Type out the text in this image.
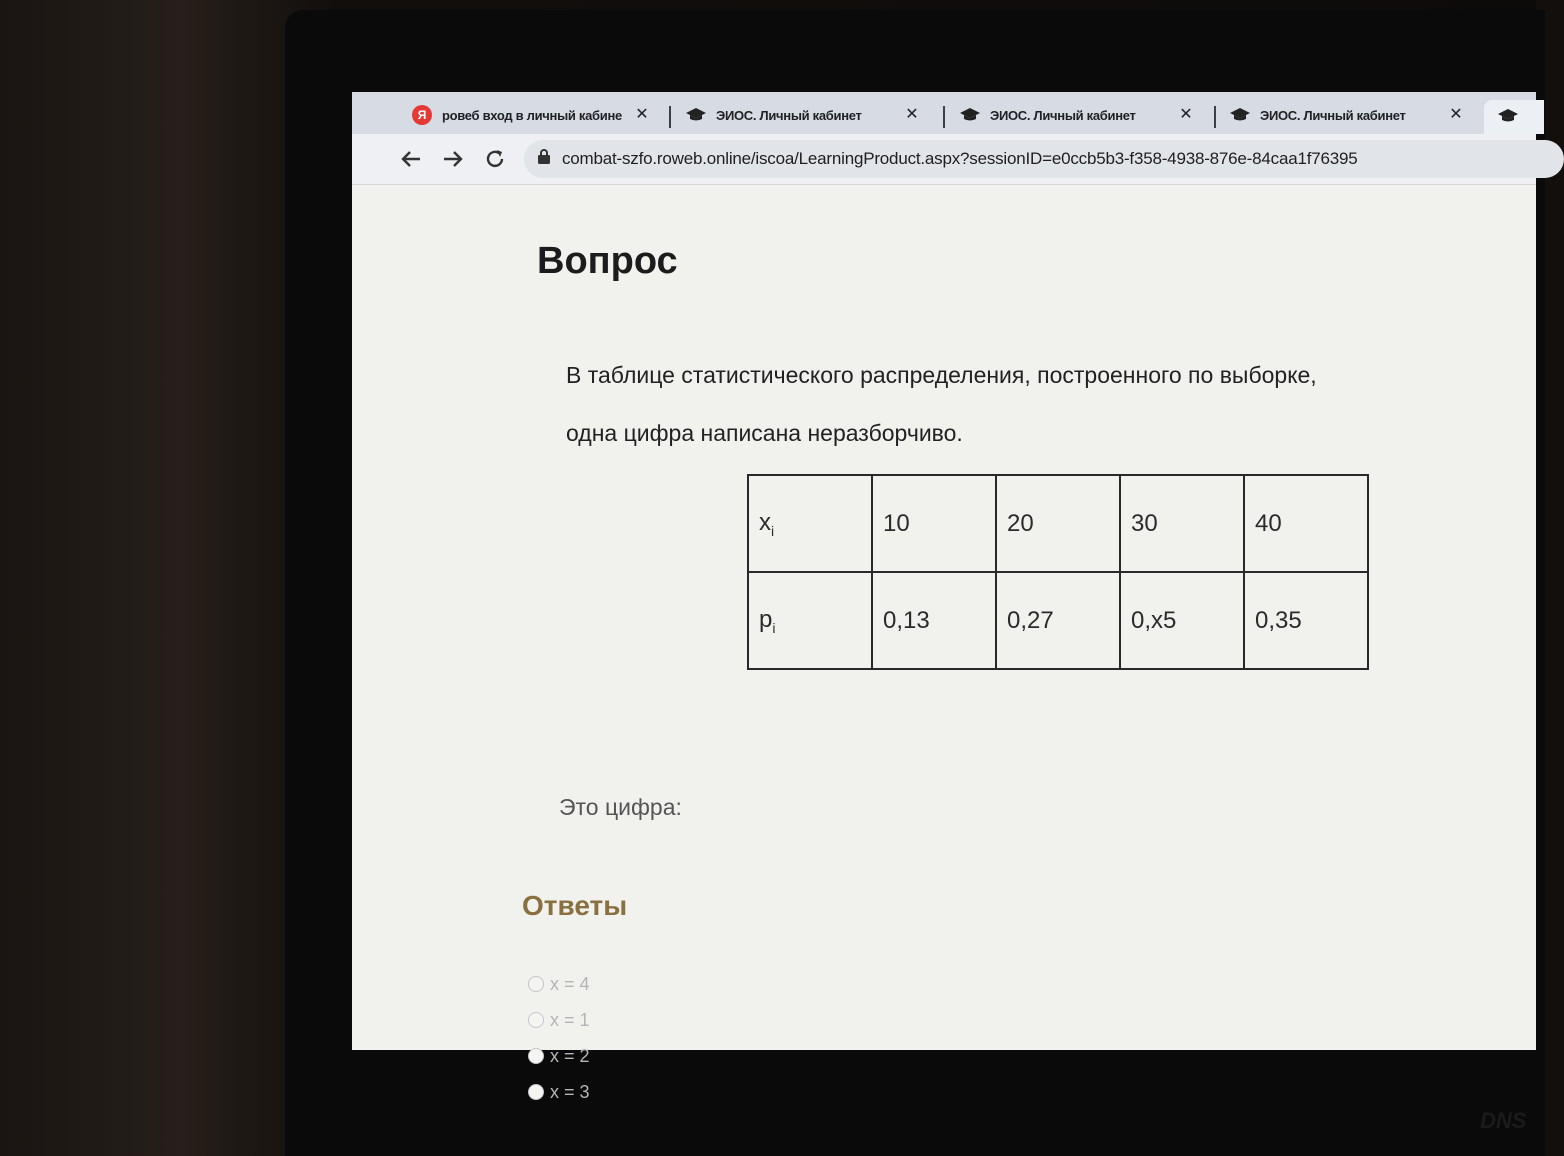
DNS
Я	ровеб вход в личный кабине ✕	ЭИОС. Личный кабинет	✕	ЭИОС. Личный кабинет	✕	ЭИОС. Личный кабинет	✕
combat-szfo.roweb.online/iscoa/LearningProduct.aspx?sessionID=e0ccb5b3-f358-4938-876e-84caa1f76395
Вопрос
В таблице статистического распределения, построенного по выборке,
одна цифра написана неразборчиво.
$x_i$	10	20	30	40
$p_i$	0,13	0,27	0,x5	0,35
Это цифра:
Ответы
x = 4
x = 1
x = 2
x = 3
